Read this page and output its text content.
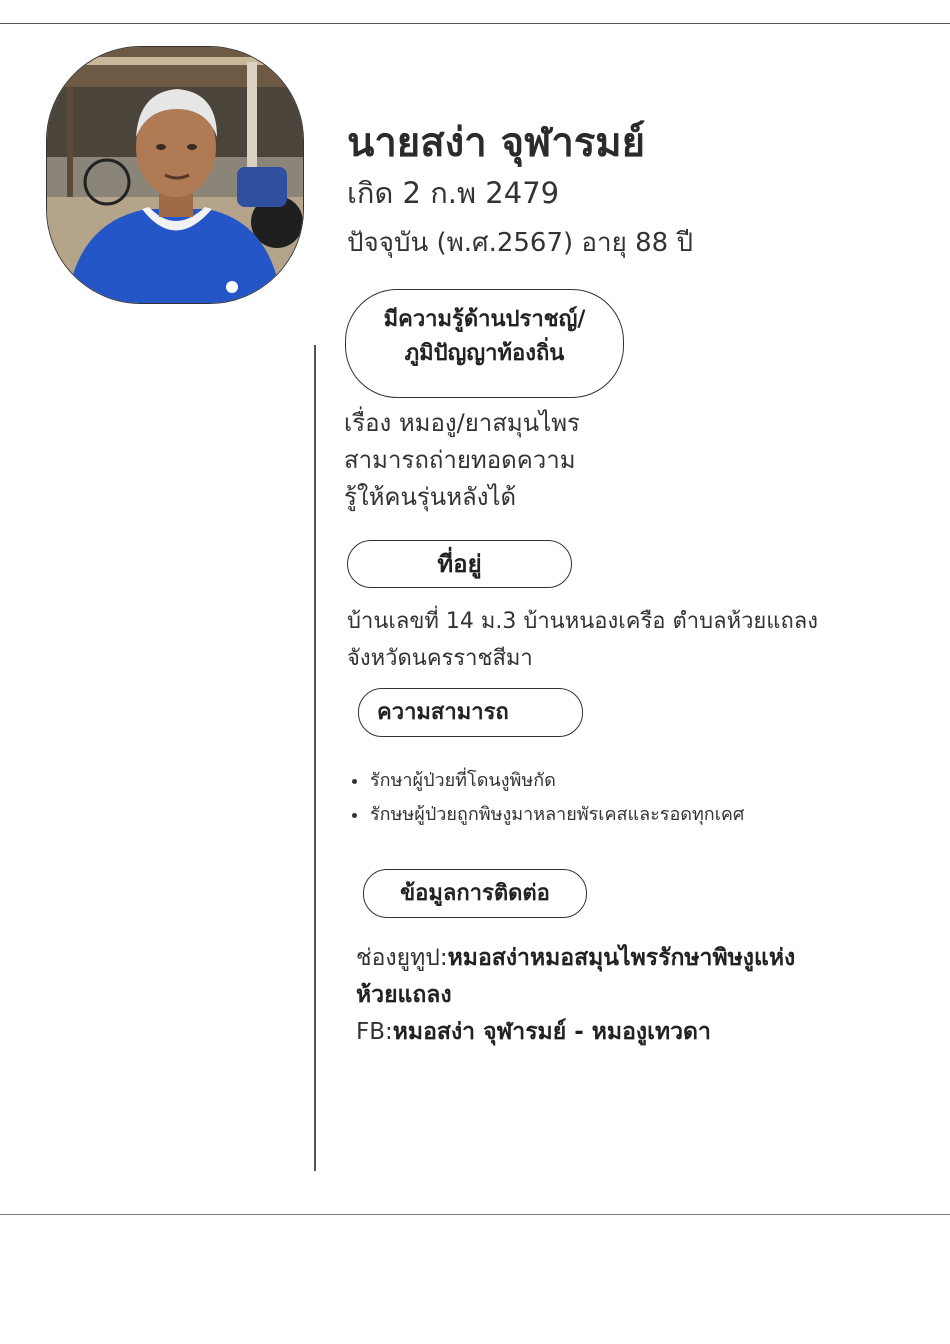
นายสง่า จุฬารมย์
เกิด 2 ก.พ 2479
ปัจจุบัน (พ.ศ.2567) อายุ 88 ปี
มีความรู้ด้านปราชญ์/
ภูมิปัญญาท้องถิ่น
เรื่อง หมองู/ยาสมุนไพร
สามารถถ่ายทอดความ
รู้ให้คนรุ่นหลังได้
ที่อยู่
บ้านเลขที่ 14 ม.3 บ้านหนองเครือ ตำบลห้วยแถลง
จังหวัดนครราชสีมา
ความสามารถ
รักษาผู้ป่วยที่โดนงูพิษกัด
รักษษผู้ป่วยถูกพิษงูมาหลายพัรเคสและรอดทุกเคศ
ข้อมูลการติดต่อ
ช่องยูทูป:หมอสง่าหมอสมุนไพรรักษาพิษงูแห่ง
ห้วยแถลง
FB:หมอสง่า จุฬารมย์ - หมองูเทวดา
